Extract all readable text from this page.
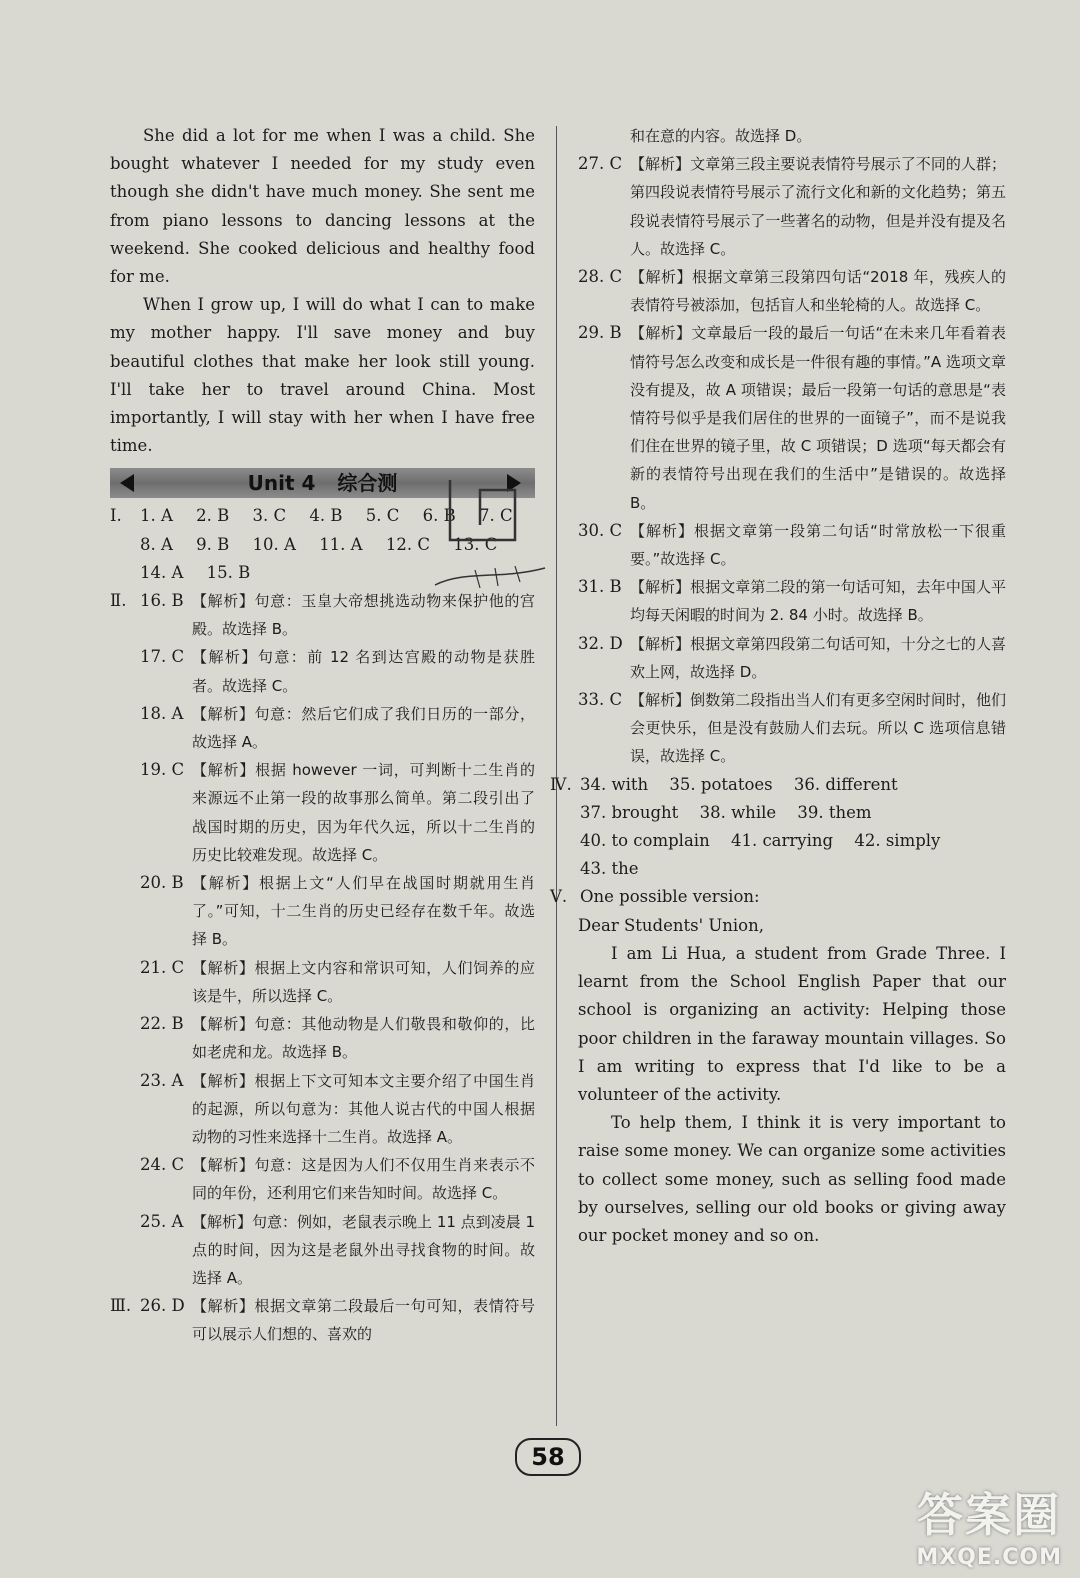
She did a lot for me when I was a child. She bought whatever I needed for my study even though she didn't have much money. She sent me from piano lessons to dancing lessons at the weekend. She cooked delicious and healthy food for me.

When I grow up, I will do what I can to make my mother happy. I'll save money and buy beautiful clothes that make her look still young. I'll take her to travel around China. Most importantly, I will stay with her when I have free time.

Unit 4 综合测
Ⅰ.	1. A 2. B 3. C 4. B 5. C 6. B 7. C
8. A 9. B 10. A 11. A 12. C 13. C
14. A 15. B
Ⅱ. 16. B 【解析】句意：玉皇大帝想挑选动物来保护他的宫殿。故选择 B。
17. C 【解析】句意：前 12 名到达宫殿的动物是获胜者。故选择 C。
18. A 【解析】句意：然后它们成了我们日历的一部分，故选择 A。
19. C 【解析】根据 however 一词，可判断十二生肖的来源远不止第一段的故事那么简单。第二段引出了战国时期的历史，因为年代久远，所以十二生肖的历史比较难发现。故选择 C。
20. B 【解析】根据上文“人们早在战国时期就用生肖了。”可知，十二生肖的历史已经存在数千年。故选择 B。
21. C 【解析】根据上文内容和常识可知，人们饲养的应该是牛，所以选择 C。
22. B 【解析】句意：其他动物是人们敬畏和敬仰的，比如老虎和龙。故选择 B。
23. A 【解析】根据上下文可知本文主要介绍了中国生肖的起源，所以句意为：其他人说古代的中国人根据动物的习性来选择十二生肖。故选择 A。
24. C 【解析】句意：这是因为人们不仅用生肖来表示不同的年份，还利用它们来告知时间。故选择 C。
25. A 【解析】句意：例如，老鼠表示晚上 11 点到凌晨 1 点的时间，因为这是老鼠外出寻找食物的时间。故选择 A。
Ⅲ. 26. D 【解析】根据文章第二段最后一句可知，表情符号可以展示人们想的、喜欢的
和在意的内容。故选择 D。
27. C 【解析】文章第三段主要说表情符号展示了不同的人群；第四段说表情符号展示了流行文化和新的文化趋势；第五段说表情符号展示了一些著名的动物，但是并没有提及名人。故选择 C。
28. C 【解析】根据文章第三段第四句话“2018 年，残疾人的表情符号被添加，包括盲人和坐轮椅的人。故选择 C。
29. B 【解析】文章最后一段的最后一句话“在未来几年看着表情符号怎么改变和成长是一件很有趣的事情。”A 选项文章没有提及，故 A 项错误；最后一段第一句话的意思是“表情符号似乎是我们居住的世界的一面镜子”，而不是说我们住在世界的镜子里，故 C 项错误；D 选项“每天都会有新的表情符号出现在我们的生活中”是错误的。故选择 B。
30. C 【解析】根据文章第一段第二句话“时常放松一下很重要。”故选择 C。
31. B 【解析】根据文章第二段的第一句话可知，去年中国人平均每天闲暇的时间为 2. 84 小时。故选择 B。
32. D 【解析】根据文章第四段第二句话可知，十分之七的人喜欢上网，故选择 D。
33. C 【解析】倒数第二段指出当人们有更多空闲时间时，他们会更快乐，但是没有鼓励人们去玩。所以 C 选项信息错误，故选择 C。
Ⅳ. 34. with 35. potatoes 36. different
37. brought 38. while 39. them
40. to complain 41. carrying 42. simply
43. the
Ⅴ. One possible version:

Dear Students' Union,

I am Li Hua, a student from Grade Three. I learnt from the School English Paper that our school is organizing an activity: Helping those poor children in the faraway mountain villages. So I am writing to express that I'd like to be a volunteer of the activity.

To help them, I think it is very important to raise some money. We can organize some activities to collect some money, such as selling food made by ourselves, selling our old books or giving away our pocket money and so on.

58
答案圈
MXQE.COM
